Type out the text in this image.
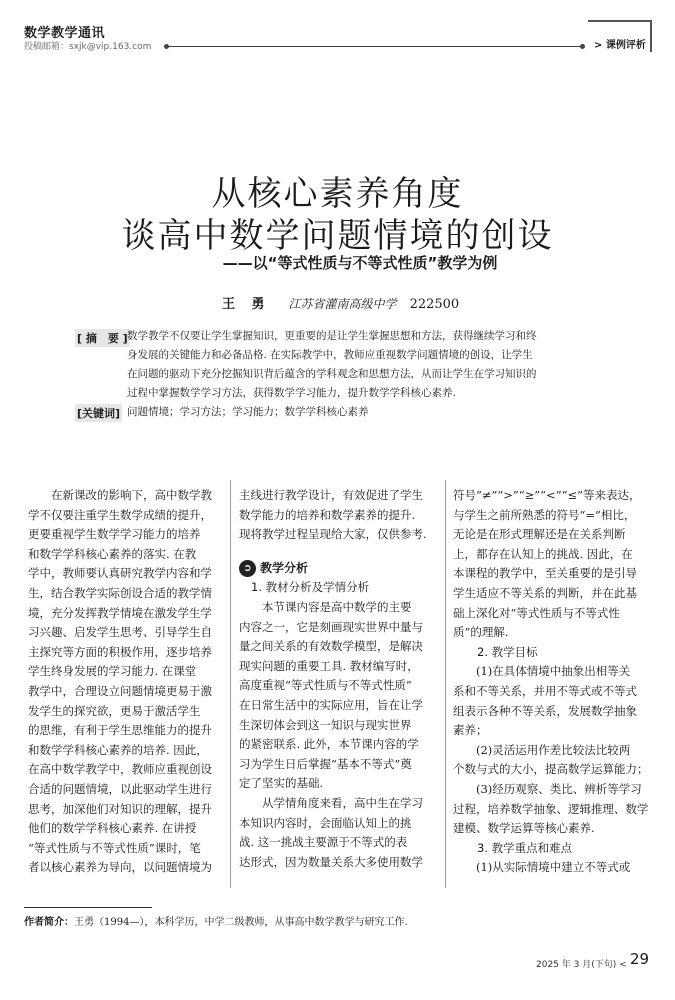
数学教学通讯
投稿邮箱：sxjk@vip.163.com	> 课例评析
从核心素养角度
谈高中数学问题情境的创设
——以“等式性质与不等式性质”教学为例
王 勇 江苏省灌南高级中学　 222500
[ 摘　要 ] 数学教学不仅要让学生掌握知识，更重要的是让学生掌握思想和方法，获得继续学习和终
身发展的关键能力和必备品格. 在实际教学中，教师应重视数学问题情境的创设，让学生
在问题的驱动下充分挖掘知识背后蕴含的学科观念和思想方法，从而让学生在学习知识的
过程中掌握数学学习方法，获得数学学习能力，提升数学学科核心素养.
[关键词] 问题情境；学习方法；学习能力；数学学科核心素养
　　在新课改的影响下，高中数学教
学不仅要注重学生数学成绩的提升，
更要重视学生数学学习能力的培养
和数学学科核心素养的落实. 在教
学中，教师要认真研究教学内容和学
生，结合教学实际创设合适的教学情
境，充分发挥教学情境在激发学生学
习兴趣、启发学生思考、引导学生自
主探究等方面的积极作用，逐步培养
学生终身发展的学习能力. 在课堂
教学中，合理设立问题情境更易于激
发学生的探究欲，更易于激活学生
的思维，有利于学生思维能力的提升
和数学学科核心素养的培养. 因此，
在高中数学教学中，教师应重视创设
合适的问题情境，以此驱动学生进行
思考，加深他们对知识的理解，提升
他们的数学学科核心素养. 在讲授
“等式性质与不等式性质”课时，笔
者以核心素养为导向，以问题情境为
主线进行教学设计，有效促进了学生
数学能力的培养和数学素养的提升.
现将教学过程呈现给大家，仅供参考.
➲ 教学分析
1. 教材分析及学情分析
　　本节课内容是高中数学的主要
内容之一，它是刻画现实世界中量与
量之间关系的有效数学模型，是解决
现实问题的重要工具. 教材编写时，
高度重视“等式性质与不等式性质”
在日常生活中的实际应用，旨在让学
生深切体会到这一知识与现实世界
的紧密联系. 此外，本节课内容的学
习为学生日后掌握“基本不等式”奠
定了坚实的基础.
　　从学情角度来看，高中生在学习
本知识内容时，会面临认知上的挑
战. 这一挑战主要源于不等式的表
达形式，因为数量关系大多使用数学
符号“≠”“>”“≥”“<”“≤”等来表达，
与学生之前所熟悉的符号“=”相比，
无论是在形式理解还是在关系判断
上，都存在认知上的挑战. 因此，在
本课程的教学中，至关重要的是引导
学生适应不等关系的判断，并在此基
础上深化对“等式性质与不等式性
质”的理解.
2. 教学目标
　　(1)在具体情境中抽象出相等关
系和不等关系，并用不等式或不等式
组表示各种不等关系，发展数学抽象
素养；
　　(2)灵活运用作差比较法比较两
个数与式的大小，提高数学运算能力；
　　(3)经历观察、类比、辨析等学习
过程，培养数学抽象、逻辑推理、数学
建模、数学运算等核心素养.
3. 教学重点和难点
　　(1)从实际情境中建立不等式或
作者简介：王勇（1994—），本科学历，中学二级教师，从事高中数学教学与研究工作.
2025 年 3 月(下旬) < 29
